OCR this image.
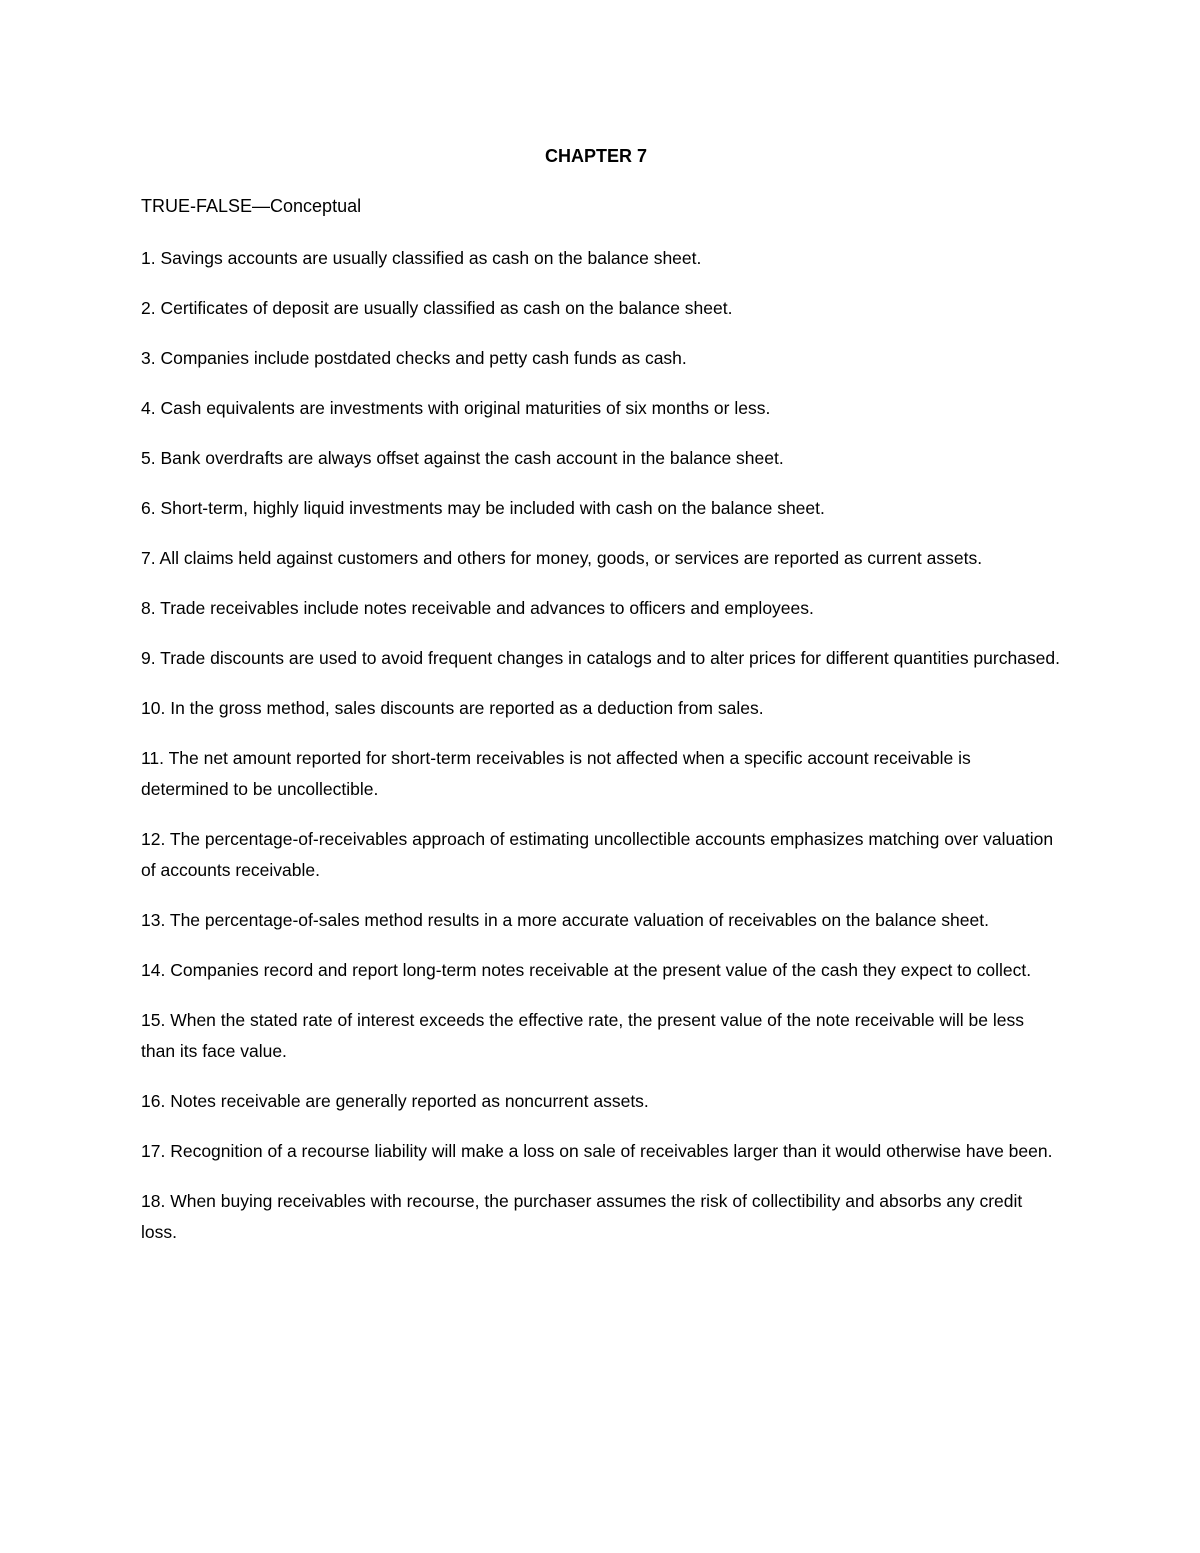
CHAPTER 7
TRUE-FALSE—Conceptual
1. Savings accounts are usually classified as cash on the balance sheet.
2. Certificates of deposit are usually classified as cash on the balance sheet.
3. Companies include postdated checks and petty cash funds as cash.
4. Cash equivalents are investments with original maturities of six months or less.
5. Bank overdrafts are always offset against the cash account in the balance sheet.
6. Short-term, highly liquid investments may be included with cash on the balance sheet.
7. All claims held against customers and others for money, goods, or services are reported as current assets.
8. Trade receivables include notes receivable and advances to officers and employees.
9. Trade discounts are used to avoid frequent changes in catalogs and to alter prices for different quantities purchased.
10. In the gross method, sales discounts are reported as a deduction from sales.
11. The net amount reported for short-term receivables is not affected when a specific account receivable is determined to be uncollectible.
12. The percentage-of-receivables approach of estimating uncollectible accounts emphasizes matching over valuation of accounts receivable.
13. The percentage-of-sales method results in a more accurate valuation of receivables on the balance sheet.
14. Companies record and report long-term notes receivable at the present value of the cash they expect to collect.
15. When the stated rate of interest exceeds the effective rate, the present value of the note receivable will be less than its face value.
16. Notes receivable are generally reported as noncurrent assets.
17. Recognition of a recourse liability will make a loss on sale of receivables larger than it would otherwise have been.
18. When buying receivables with recourse, the purchaser assumes the risk of collectibility and absorbs any credit loss.
